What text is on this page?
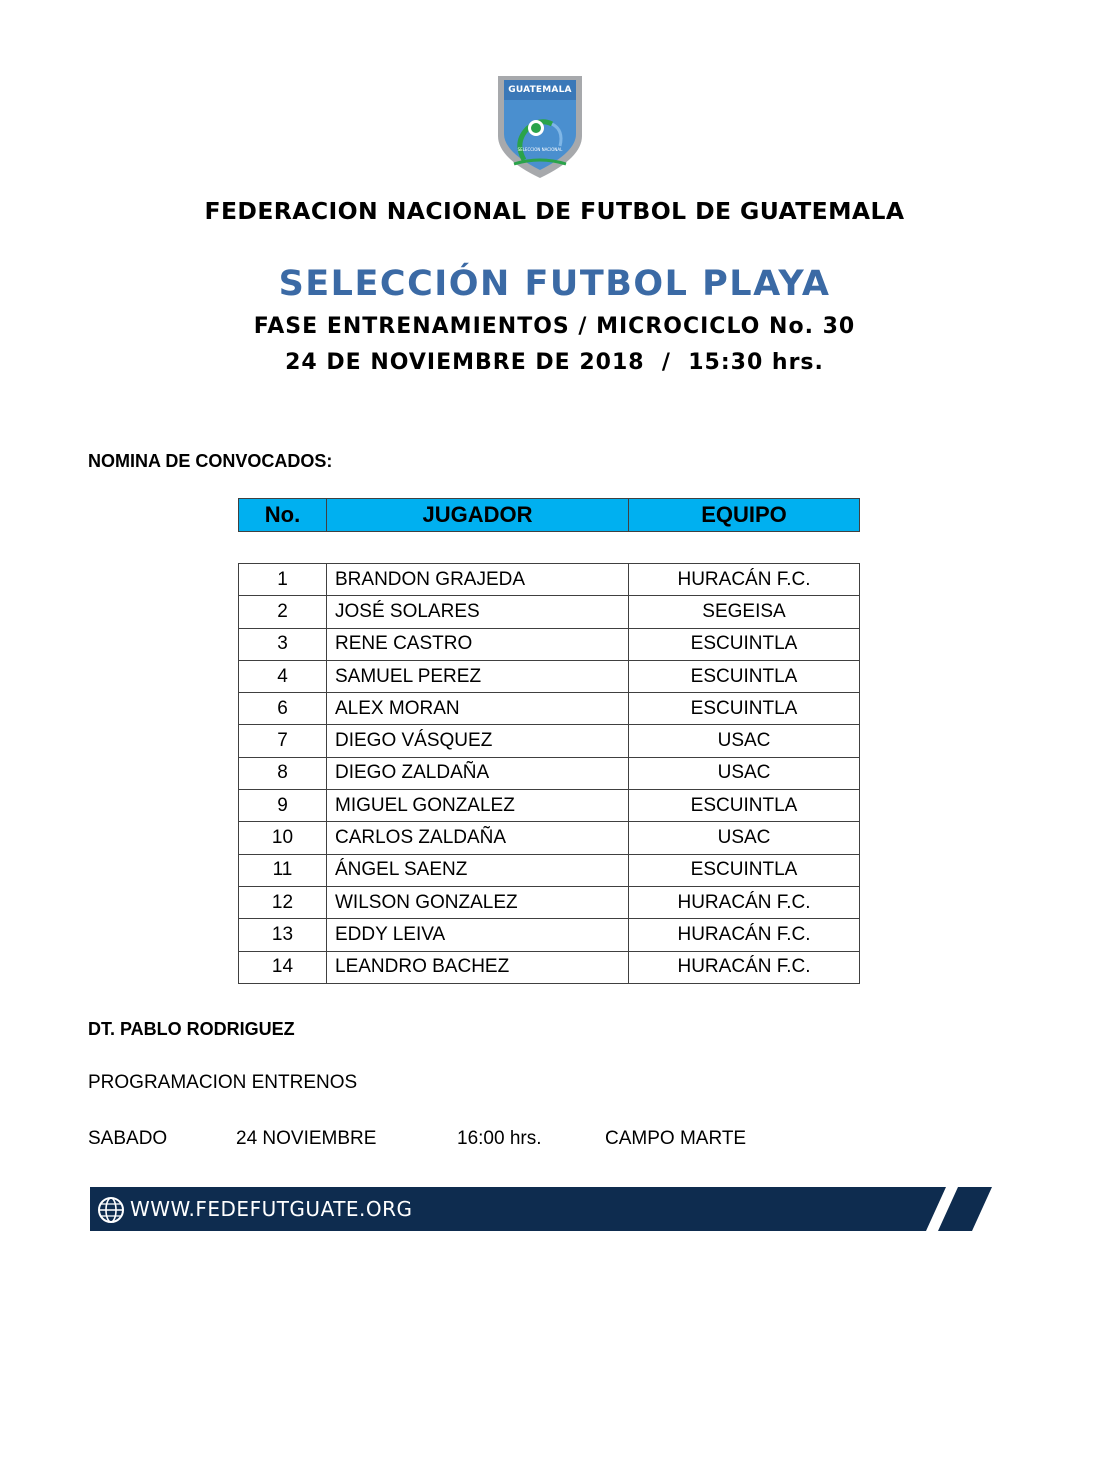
SELECCION NACIONAL
GUATEMALA
FEDERACION NACIONAL DE FUTBOL DE GUATEMALA
SELECCIÓN FUTBOL PLAYA
FASE ENTRENAMIENTOS / MICROCICLO No. 30
24 DE NOVIEMBRE DE 2018  /  15:30 hrs.
NOMINA DE CONVOCADOS:
No.	JUGADOR	EQUIPO
1	BRANDON GRAJEDA	HURACÁN F.C.
2	JOSÉ SOLARES	SEGEISA
3	RENE CASTRO	ESCUINTLA
4	SAMUEL PEREZ	ESCUINTLA
6	ALEX MORAN	ESCUINTLA
7	DIEGO VÁSQUEZ	USAC
8	DIEGO ZALDAÑA	USAC
9	MIGUEL GONZALEZ	ESCUINTLA
10	CARLOS ZALDAÑA	USAC
11	ÁNGEL SAENZ	ESCUINTLA
12	WILSON GONZALEZ	HURACÁN F.C.
13	EDDY LEIVA	HURACÁN F.C.
14	LEANDRO BACHEZ	HURACÁN F.C.
DT. PABLO RODRIGUEZ
PROGRAMACION ENTRENOS
SABADO	24 NOVIEMBRE	16:00 hrs.	CAMPO MARTE
WWW.FEDEFUTGUATE.ORG
